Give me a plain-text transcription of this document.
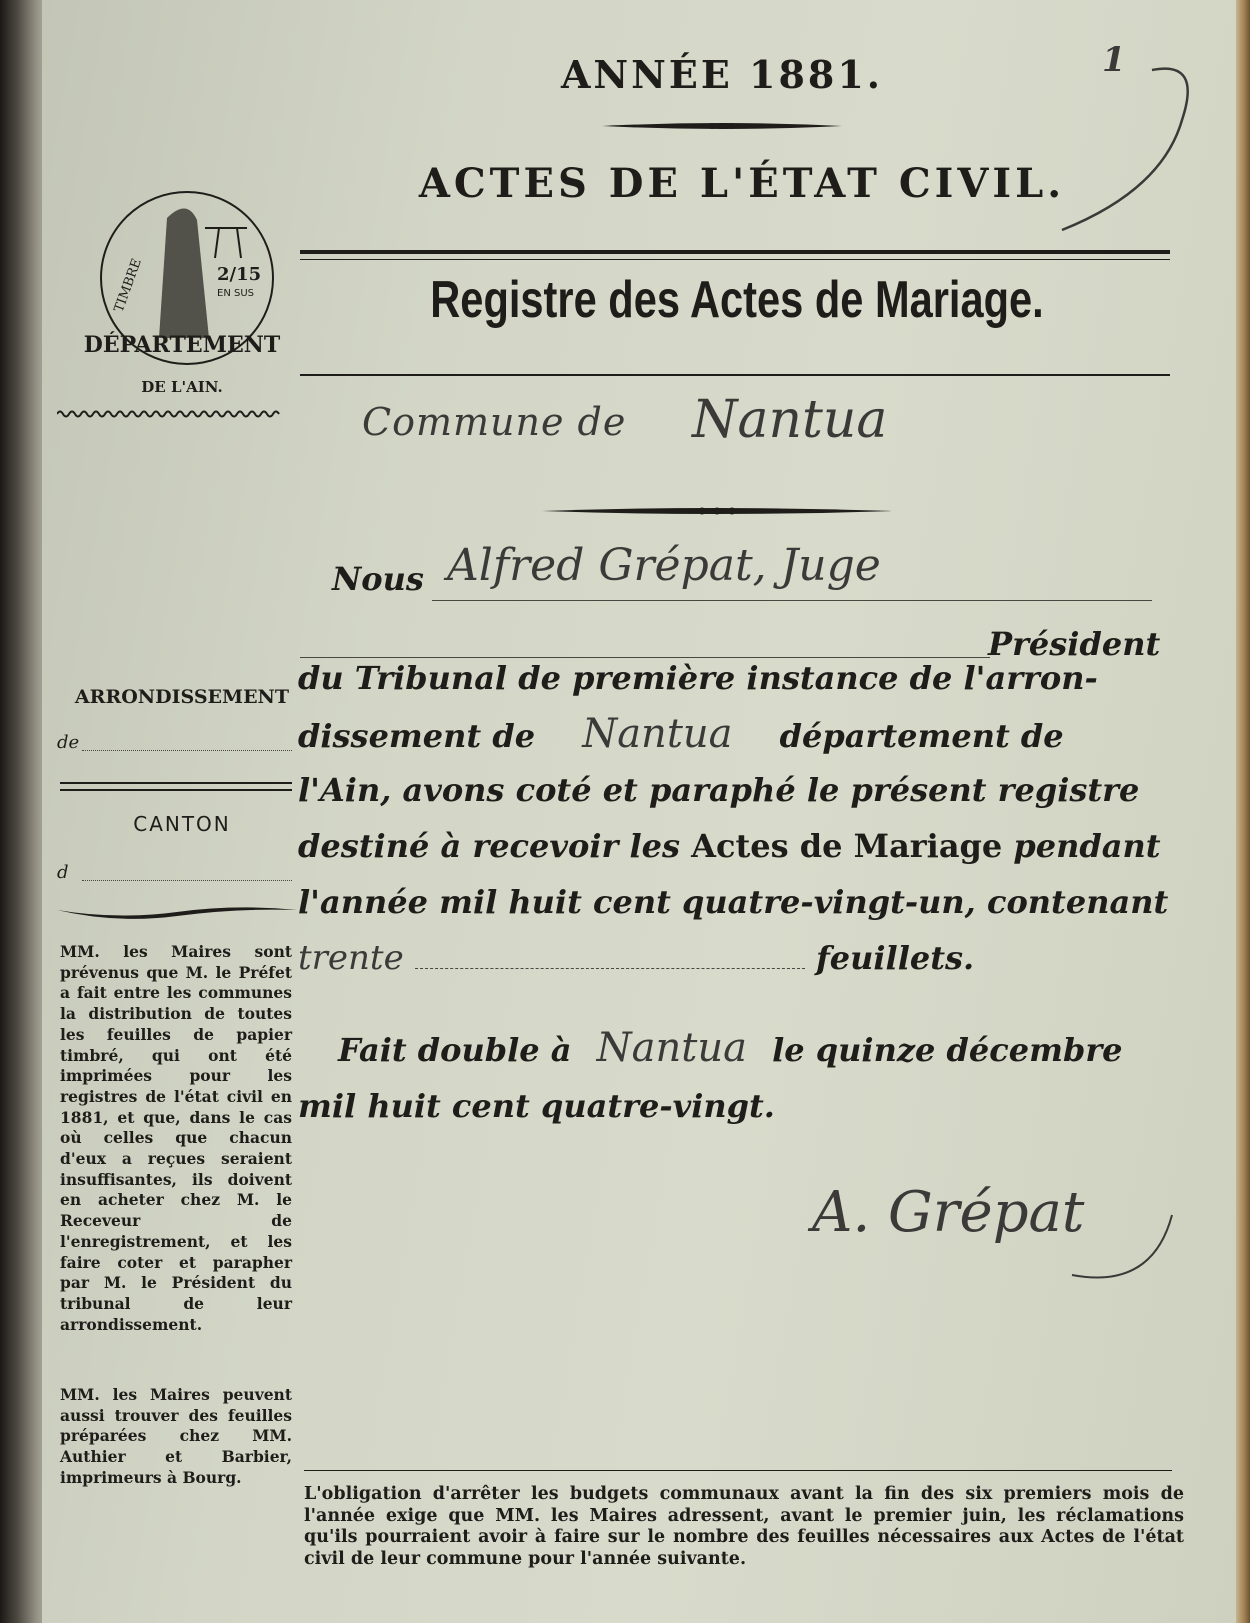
ANNÉE 1881.
ACTES DE L'ÉTAT CIVIL.
1
Registre des Actes de Mariage.
Commune de Nantua
TIMBRE	2/15
EN SUS
DÉPARTEMENT
DE L'AIN.
Nous Alfred Grépat, Juge
Président
du Tribunal de première instance de l'arron-
dissement de Nantua département de
l'Ain, avons coté et paraphé le présent registre
destiné à recevoir les Actes de Mariage pendant
l'année mil huit cent quatre-vingt-un, contenant
trente	feuillets.
Fait double à Nantua le quinze décembre
mil huit cent quatre-vingt.
A. Grépat
ARRONDISSEMENT
de
CANTON
d
MM. les Maires sont prévenus que M. le Préfet a fait entre les communes la distribution de toutes les feuilles de papier timbré, qui ont été imprimées pour les registres de l'état civil en 1881, et que, dans le cas où celles que chacun d'eux a reçues seraient insuffisantes, ils doivent en acheter chez M. le Receveur de l'enregistrement, et les faire coter et parapher par M. le Président du tribunal de leur arrondissement.
MM. les Maires peuvent aussi trouver des feuilles préparées chez MM. Authier et Barbier, imprimeurs à Bourg.
L'obligation d'arrêter les budgets communaux avant la fin des six premiers mois de l'année exige que MM. les Maires adressent, avant le premier juin, les réclamations qu'ils pourraient avoir à faire sur le nombre des feuilles nécessaires aux Actes de l'état civil de leur commune pour l'année suivante.
